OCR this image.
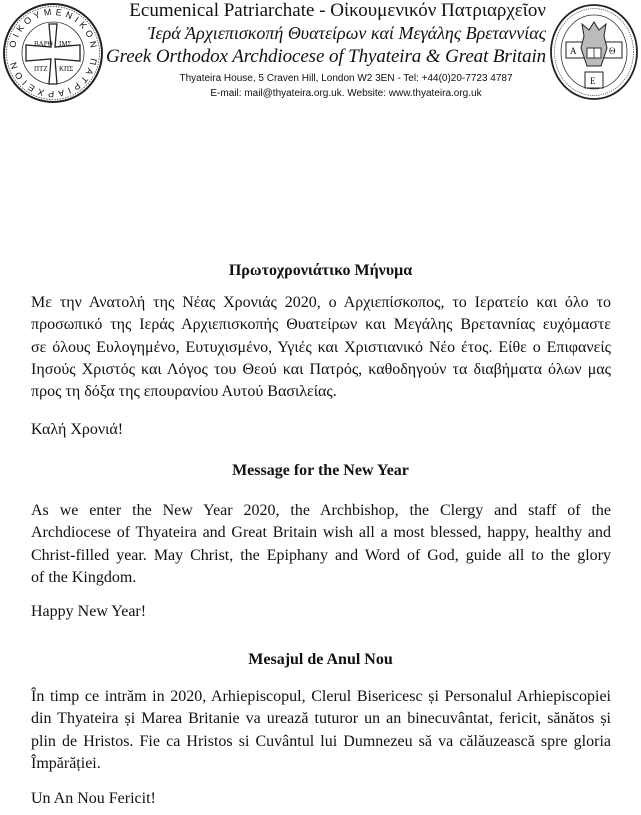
ΟΙΚΟΥΜΕΝΙΚΟΝ ΠΑΤΡΙΑΡΧΕΙΟΝ
ΒΑΡΘ ΙΜΣ
ΠΤΖ ΚΠΣ
Α	Θ
Ε
Ecumenical Patriarchate - Οἰκουμενικόν Πατριαρχεῖον
Ἱερά Ἀρχιεπισκοπή Θυατείρων καί Μεγάλης Βρεταννίας
Greek Orthodox Archdiocese of Thyateira & Great Britain
Thyateira House, 5 Craven Hill, London W2 3EN - Tel: +44(0)20-7723 4787
E-mail: mail@thyateira.org.uk. Website: www.thyateira.org.uk
Πρωτοχρονιάτικο Μήνυμα
Με την Ανατολή της Νέας Χρονιάς 2020, ο Αρχιεπίσκοπος, το Ιερατείο και όλο το
προσωπικό της Ιεράς Αρχιεπισκοπής Θυατείρων και Μεγάλης Βρετανníας ευχόμαστε
σε όλους Ευλογημένο, Ευτυχισμένο, Υγιές και Χριστιανικό Νέο έτος. Είθε ο Επιφανείς
Ιησούς Χριστός και Λόγος του Θεού και Πατρός, καθοδηγούν τα διαβήματα όλων μας
προς τη δόξα της επουρανίου Αυτού Βασιλείας.
Καλή Χρονιά!
Message for the New Year
As we enter the New Year 2020, the Archbishop, the Clergy and staff of the
Archdiocese of Thyateira and Great Britain wish all a most blessed, happy, healthy and
Christ-filled year. May Christ, the Epiphany and Word of God, guide all to the glory
of the Kingdom.
Happy New Year!
Mesajul de Anul Nou
În timp ce intrăm in 2020, Arhiepiscopul, Clerul Bisericesc și Personalul Arhiepiscopiei
din Thyateira și Marea Britanie va urează tuturor un an binecuvântat, fericit, sănătos și
plin de Hristos. Fie ca Hristos si Cuvântul lui Dumnezeu să va călăuzească spre gloria
Împărăției.
Un An Nou Fericit!
